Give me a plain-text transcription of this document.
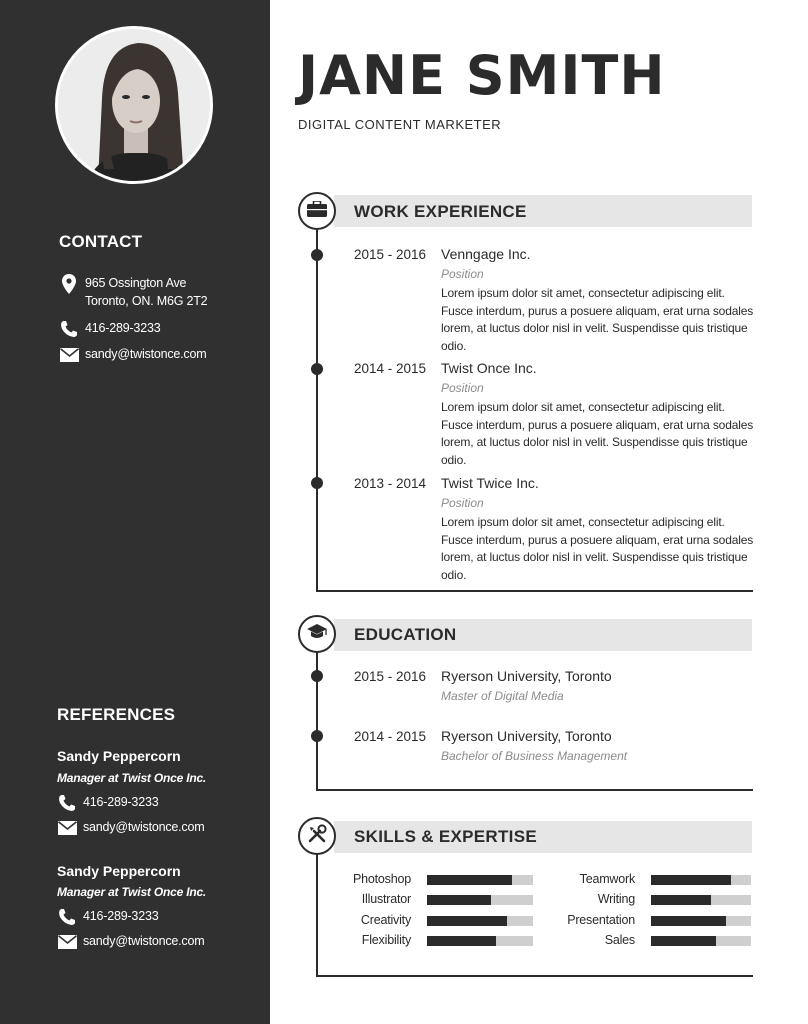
CONTACT
965 Ossington Ave
Toronto, ON. M6G 2T2
416-289-3233
sandy@twistonce.com
REFERENCES
Sandy Peppercorn
Manager at Twist Once Inc.
416-289-3233
sandy@twistonce.com
Sandy Peppercorn
Manager at Twist Once Inc.
416-289-3233
sandy@twistonce.com
JANE SMITH
DIGITAL CONTENT MARKETER
WORK EXPERIENCE
2015 - 2016 Venngage Inc.
Position
Lorem ipsum dolor sit amet, consectetur adipiscing elit. Fusce interdum, purus a posuere aliquam, erat urna sodales lorem, at luctus dolor nisl in velit. Suspendisse quis tristique odio.
2014 - 2015 Twist Once Inc.
Position
Lorem ipsum dolor sit amet, consectetur adipiscing elit. Fusce interdum, purus a posuere aliquam, erat urna sodales lorem, at luctus dolor nisl in velit. Suspendisse quis tristique odio.
2013 - 2014 Twist Twice Inc.
Position
Lorem ipsum dolor sit amet, consectetur adipiscing elit. Fusce interdum, purus a posuere aliquam, erat urna sodales lorem, at luctus dolor nisl in velit. Suspendisse quis tristique odio.
EDUCATION
2015 - 2016 Ryerson University, Toronto
Master of Digital Media
2014 - 2015 Ryerson University, Toronto
Bachelor of Business Management
SKILLS & EXPERTISE
Photoshop
Illustrator
Creativity
Flexibility
Teamwork
Writing
Presentation
Sales
